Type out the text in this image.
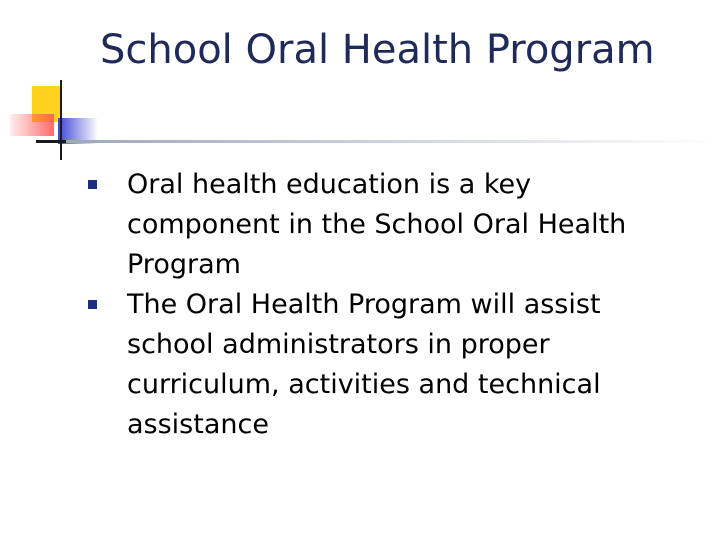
School Oral Health Program
Oral health education is a key component in the School Oral Health Program
The Oral Health Program will assist school administrators in proper curriculum, activities and technical assistance
